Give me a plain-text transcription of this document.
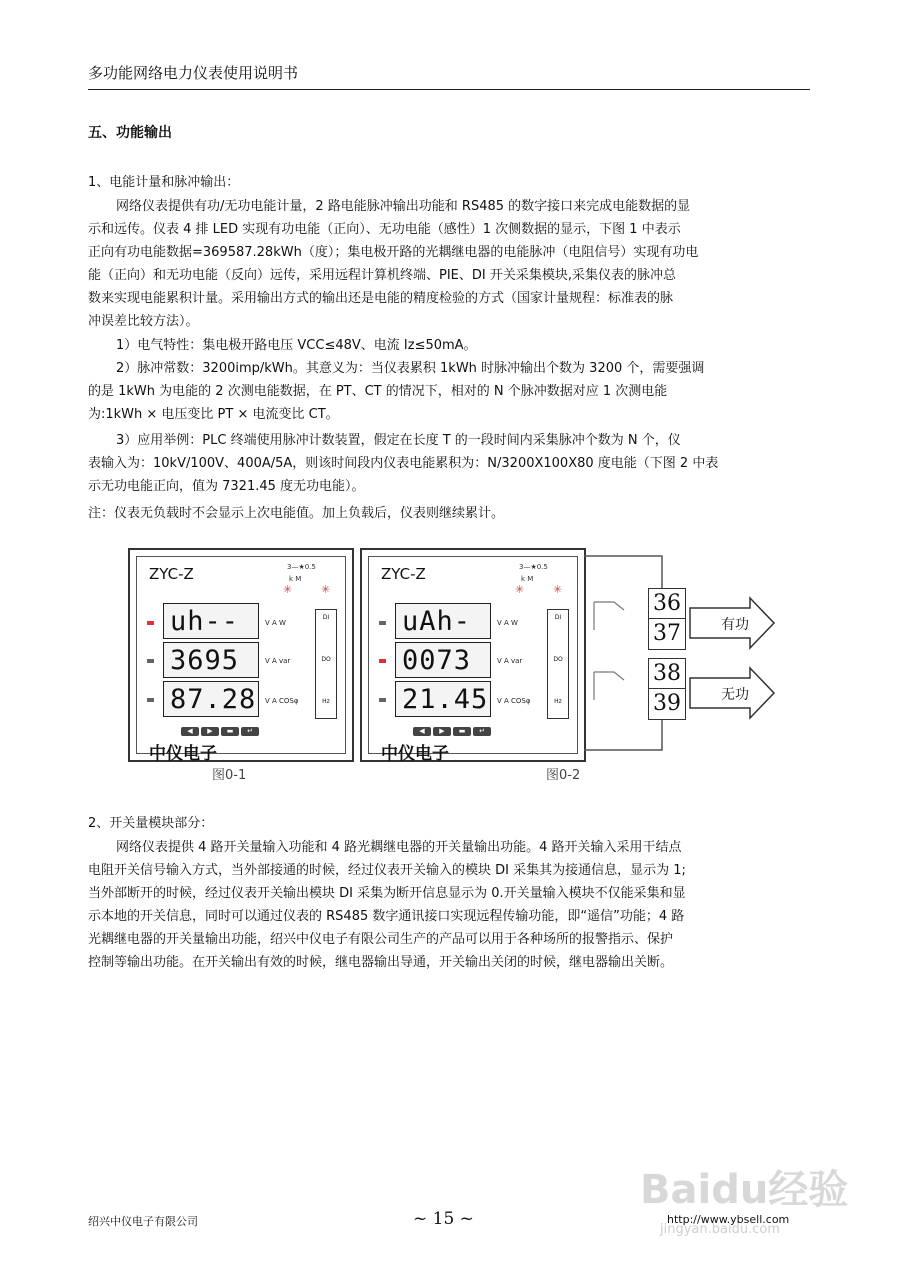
多功能网络电力仪表使用说明书
五、功能输出

1、电能计量和脉冲输出：

网络仪表提供有功/无功电能计量，2 路电能脉冲输出功能和 RS485 的数字接口来完成电能数据的显
示和远传。仪表 4 排 LED 实现有功电能（正向）、无功电能（感性）1 次侧数据的显示，下图 1 中表示
正向有功电能数据=369587.28kWh（度）；集电极开路的光耦继电器的电能脉冲（电阻信号）实现有功电
能（正向）和无功电能（反向）远传，采用远程计算机终端、PIE、DI 开关采集模块,采集仪表的脉冲总
数来实现电能累积计量。采用输出方式的输出还是电能的精度检验的方式（国家计量规程：标准表的脉
冲误差比较方法）。
1）电气特性：集电极开路电压 VCC≤48V、电流 Iz≤50mA。
2）脉冲常数：3200imp/kWh。其意义为：当仪表累积 1kWh 时脉冲输出个数为 3200 个，需要强调
的是 1kWh 为电能的 2 次测电能数据，在 PT、CT 的情况下，相对的 N 个脉冲数据对应 1 次测电能
为:1kWh × 电压变比 PT × 电流变比 CT。
3）应用举例：PLC 终端使用脉冲计数装置，假定在长度 T 的一段时间内采集脉冲个数为 N 个，仪
表输入为：10kV/100V、400A/5A，则该时间段内仪表电能累积为：N/3200X100X80 度电能（下图 2 中表
示无功电能正向，值为 7321.45 度无功电能）。

注：仪表无负载时不会显示上次电能值。加上负载后，仪表则继续累计。

ZYC-Z	3—★0.5
k M
✳	✳
uh--	V A W
3695	V A var
87.28	V A COSφ
DI
DO
Hz
◀ ▶ ▬ ↵
中仪电子
图0-1
ZYC-Z	3—★0.5
k M
✳	✳
uAh-	V A W
0073	V A var
21.45	V A COSφ
DI
DO
Hz
◀ ▶ ▬ ↵
中仪电子
图0-2
36
37
38
39
有功
无功

2、开关量模块部分：

网络仪表提供 4 路开关量输入功能和 4 路光耦继电器的开关量输出功能。4 路开关输入采用干结点
电阻开关信号输入方式，当外部接通的时候，经过仪表开关输入的模块 DI 采集其为接通信息，显示为 1;
当外部断开的时候，经过仪表开关输出模块 DI 采集为断开信息显示为 0.开关量输入模块不仅能采集和显
示本地的开关信息，同时可以通过仪表的 RS485 数字通讯接口实现远程传输功能，即“遥信”功能；4 路
光耦继电器的开关量输出功能，绍兴中仪电子有限公司生产的产品可以用于各种场所的报警指示、保护
控制等输出功能。在开关输出有效的时候，继电器输出导通，开关输出关闭的时候，继电器输出关断。
Baidu经验
jingyan.baidu.com
绍兴中仪电子有限公司	~ 15 ~	http://www.ybsell.com
